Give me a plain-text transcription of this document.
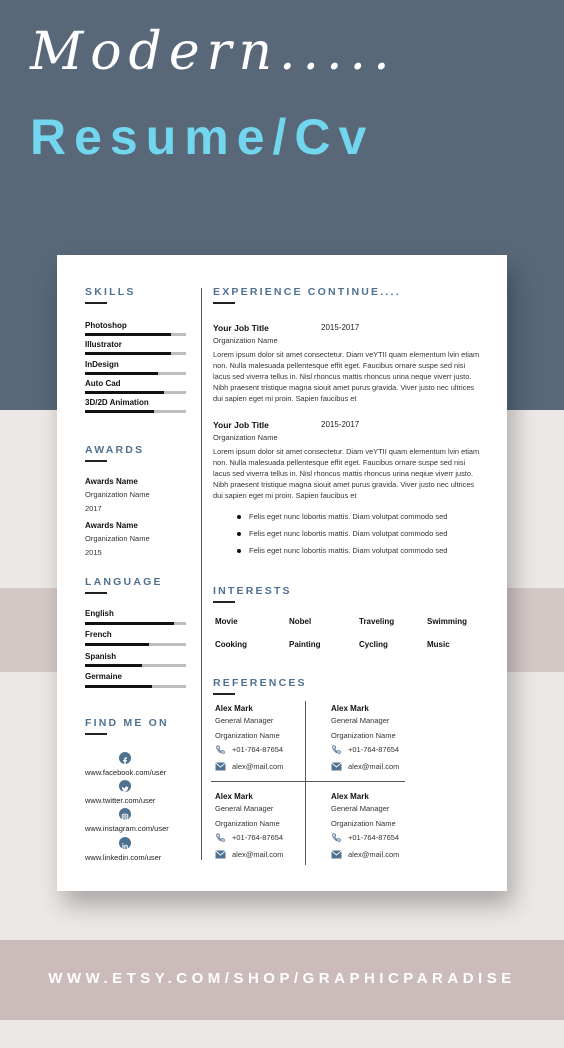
Modern.....
Resume/Cv
WWW.ETSY.COM/SHOP/GRAPHICPARADISE
SKILLS
Photoshop
Illustrator
InDesign
Auto Cad
3D/2D Animation
AWARDS
Awards Name
Organization Name
2017
Awards Name
Organization Name
2015
LANGUAGE
English
French
Spanish
Germaine
FIND ME ON
www.facebook.com/user
www.twitter.com/user
www.instagram.com/user
www.linkedin.com/user
EXPERIENCE CONTINUE....
Your Job Title	2015-2017
Organization Name
Lorem ipsum dolor sit amet consectetur. Diam veYTII quam elementum lvin etiam non. Nulla malesuada pellentesque effit eget. Faucibus ornare suspe sed nisi lacus sed viverra tellus in. Nisl rhoncus mattis rhoncus urina neque viverr justo. Nibh praesent tristique magna siouit amet purus gravida. Viver justo nec ultrices dui sapien eget mi proin. Sapien faucibus et
Your Job Title	2015-2017
Organization Name
Lorem ipsum dolor sit amet consectetur. Diam veYTII quam elementum lvin etiam non. Nulla malesuada pellentesque effit eget. Faucibus ornare suspe sed nisi lacus sed viverra tellus in. Nisl rhoncus mattis rhoncus urina neqiue viverr justo. Nibh praesent tristique magna siouit amet purus gravida. Viver justo nec ultrices dui sapien eget mi proin. Sapien faucibus et
Felis eget nunc lobortis mattis. Diam volutpat commodo sed
Felis eget nunc lobortis mattis. Diam volutpat commodo sed
Felis eget nunc lobortis mattis. Diam volutpat commodo sed
INTERESTS
Movie	Nobel	Traveling	Swimming
Cooking	Painting	Cycling	Music
REFERENCES
Alex Mark
General Manager
Organization Name
+01-764-87654
alex@mail.com
Alex Mark
General Manager
Organization Name
+01-764-87654
alex@mail.com
Alex Mark
General Manager
Organization Name
+01-764-87654
alex@mail.com
Alex Mark
General Manager
Organization Name
+01-764-87654
alex@mail.com
